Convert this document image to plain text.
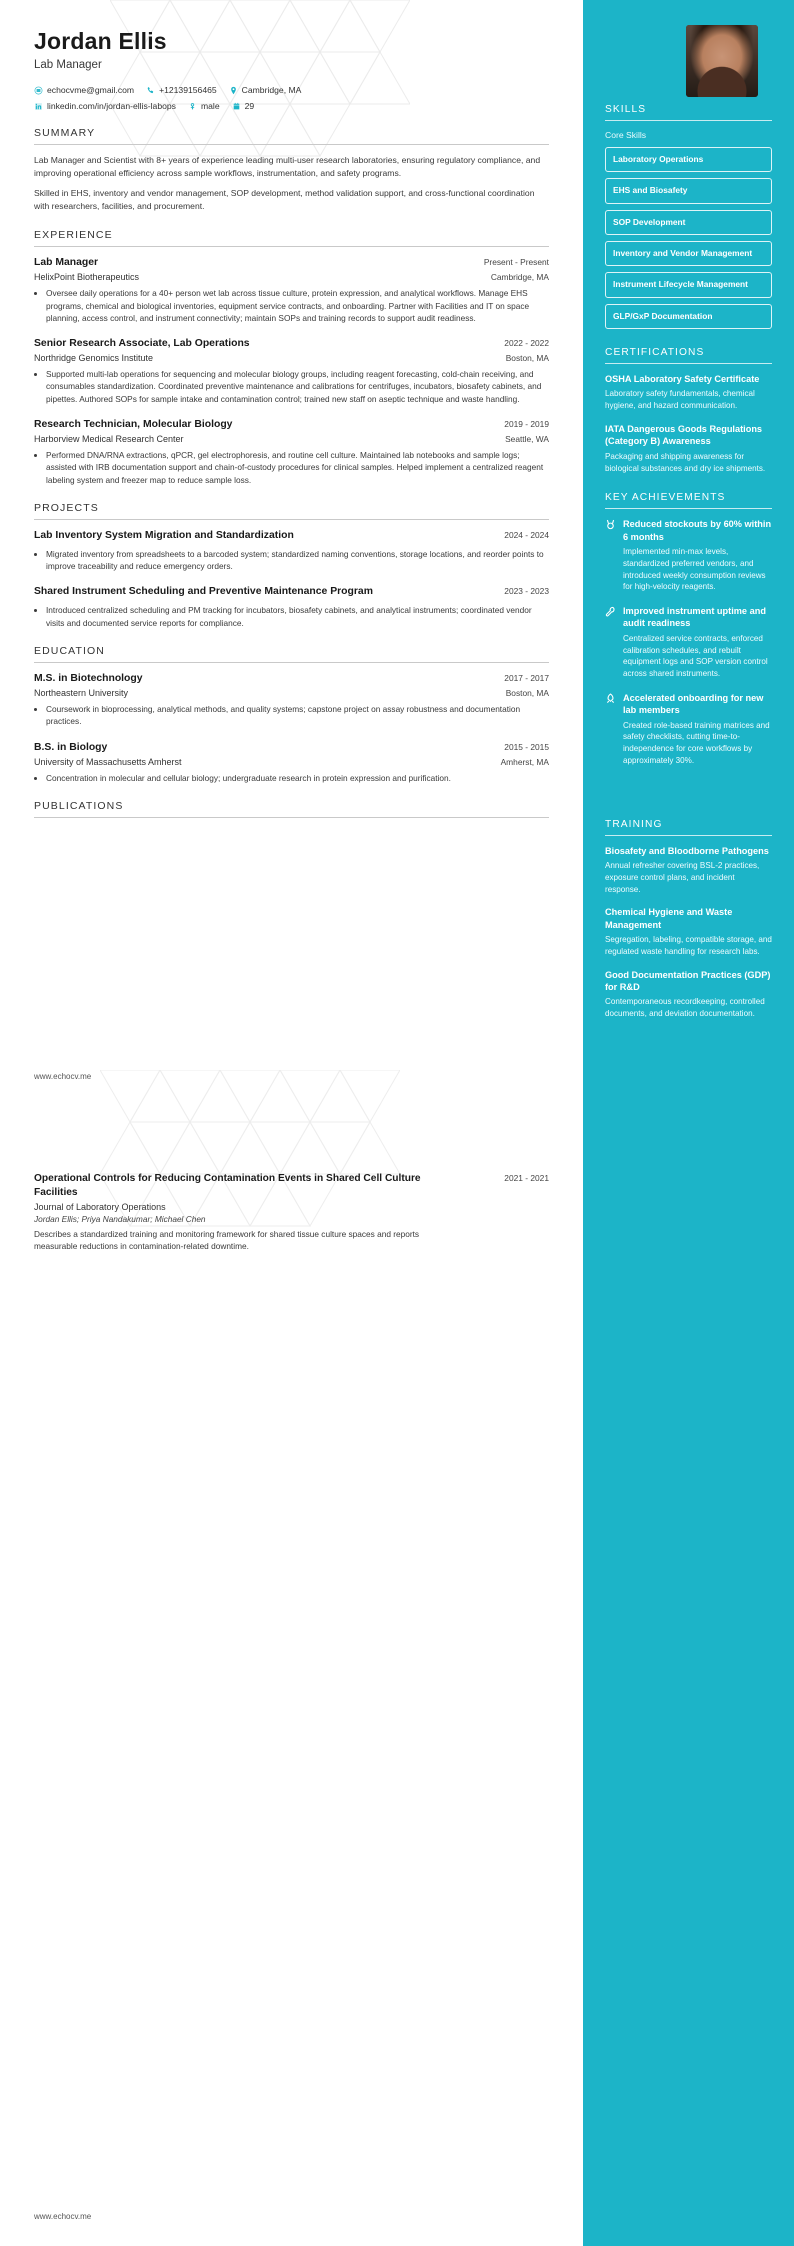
Jordan Ellis
Lab Manager
echocvme@gmail.com	+12139156465	Cambridge, MA
linkedin.com/in/jordan-ellis-labops	male	29
SUMMARY
Lab Manager and Scientist with 8+ years of experience leading multi-user research laboratories, ensuring regulatory compliance, and improving operational efficiency across sample workflows, instrumentation, and safety programs.
Skilled in EHS, inventory and vendor management, SOP development, method validation support, and cross-functional coordination with researchers, facilities, and procurement.
EXPERIENCE
Lab Manager	Present - Present
HelixPoint Biotherapeutics	Cambridge, MA
• Oversee daily operations for a 40+ person wet lab across tissue culture, protein expression, and analytical workflows. Manage EHS programs, chemical and biological inventories, equipment service contracts, and onboarding. Partner with Facilities and IT on space planning, access control, and instrument connectivity; maintain SOPs and training records to support audit readiness.
Senior Research Associate, Lab Operations	2022 - 2022
Northridge Genomics Institute	Boston, MA
• Supported multi-lab operations for sequencing and molecular biology groups, including reagent forecasting, cold-chain receiving, and consumables standardization. Coordinated preventive maintenance and calibrations for centrifuges, incubators, biosafety cabinets, and pipettes. Authored SOPs for sample intake and contamination control; trained new staff on aseptic technique and waste handling.
Research Technician, Molecular Biology	2019 - 2019
Harborview Medical Research Center	Seattle, WA
• Performed DNA/RNA extractions, qPCR, gel electrophoresis, and routine cell culture. Maintained lab notebooks and sample logs; assisted with IRB documentation support and chain-of-custody procedures for clinical samples. Helped implement a centralized reagent labeling system and freezer map to reduce sample loss.
PROJECTS
Lab Inventory System Migration and Standardization	2024 - 2024
• Migrated inventory from spreadsheets to a barcoded system; standardized naming conventions, storage locations, and reorder points to improve traceability and reduce emergency orders.
Shared Instrument Scheduling and Preventive Maintenance Program	2023 - 2023
• Introduced centralized scheduling and PM tracking for incubators, biosafety cabinets, and analytical instruments; coordinated vendor visits and documented service reports for compliance.
EDUCATION
M.S. in Biotechnology	2017 - 2017
Northeastern University	Boston, MA
• Coursework in bioprocessing, analytical methods, and quality systems; capstone project on assay robustness and documentation practices.
B.S. in Biology	2015 - 2015
University of Massachusetts Amherst	Amherst, MA
• Concentration in molecular and cellular biology; undergraduate research in protein expression and purification.
PUBLICATIONS
www.echocv.me
Operational Controls for Reducing Contamination Events in Shared Cell Culture Facilities
2021 - 2021
Journal of Laboratory Operations
Jordan Ellis; Priya Nandakumar; Michael Chen
Describes a standardized training and monitoring framework for shared tissue culture spaces and reports measurable reductions in contamination-related downtime.
www.echocv.me
SKILLS
Core Skills
Laboratory Operations
EHS and Biosafety
SOP Development
Inventory and Vendor Management
Instrument Lifecycle Management
GLP/GxP Documentation
CERTIFICATIONS
OSHA Laboratory Safety Certificate
Laboratory safety fundamentals, chemical hygiene, and hazard communication.
IATA Dangerous Goods Regulations (Category B) Awareness
Packaging and shipping awareness for biological substances and dry ice shipments.
KEY ACHIEVEMENTS
Reduced stockouts by 60% within 6 months
Implemented min-max levels, standardized preferred vendors, and introduced weekly consumption reviews for high-velocity reagents.
Improved instrument uptime and audit readiness
Centralized service contracts, enforced calibration schedules, and rebuilt equipment logs and SOP version control across shared instruments.
Accelerated onboarding for new lab members
Created role-based training matrices and safety checklists, cutting time-to-independence for core workflows by approximately 30%.
TRAINING
Biosafety and Bloodborne Pathogens
Annual refresher covering BSL-2 practices, exposure control plans, and incident response.
Chemical Hygiene and Waste Management
Segregation, labeling, compatible storage, and regulated waste handling for research labs.
Good Documentation Practices (GDP) for R&D
Contemporaneous recordkeeping, controlled documents, and deviation documentation.
